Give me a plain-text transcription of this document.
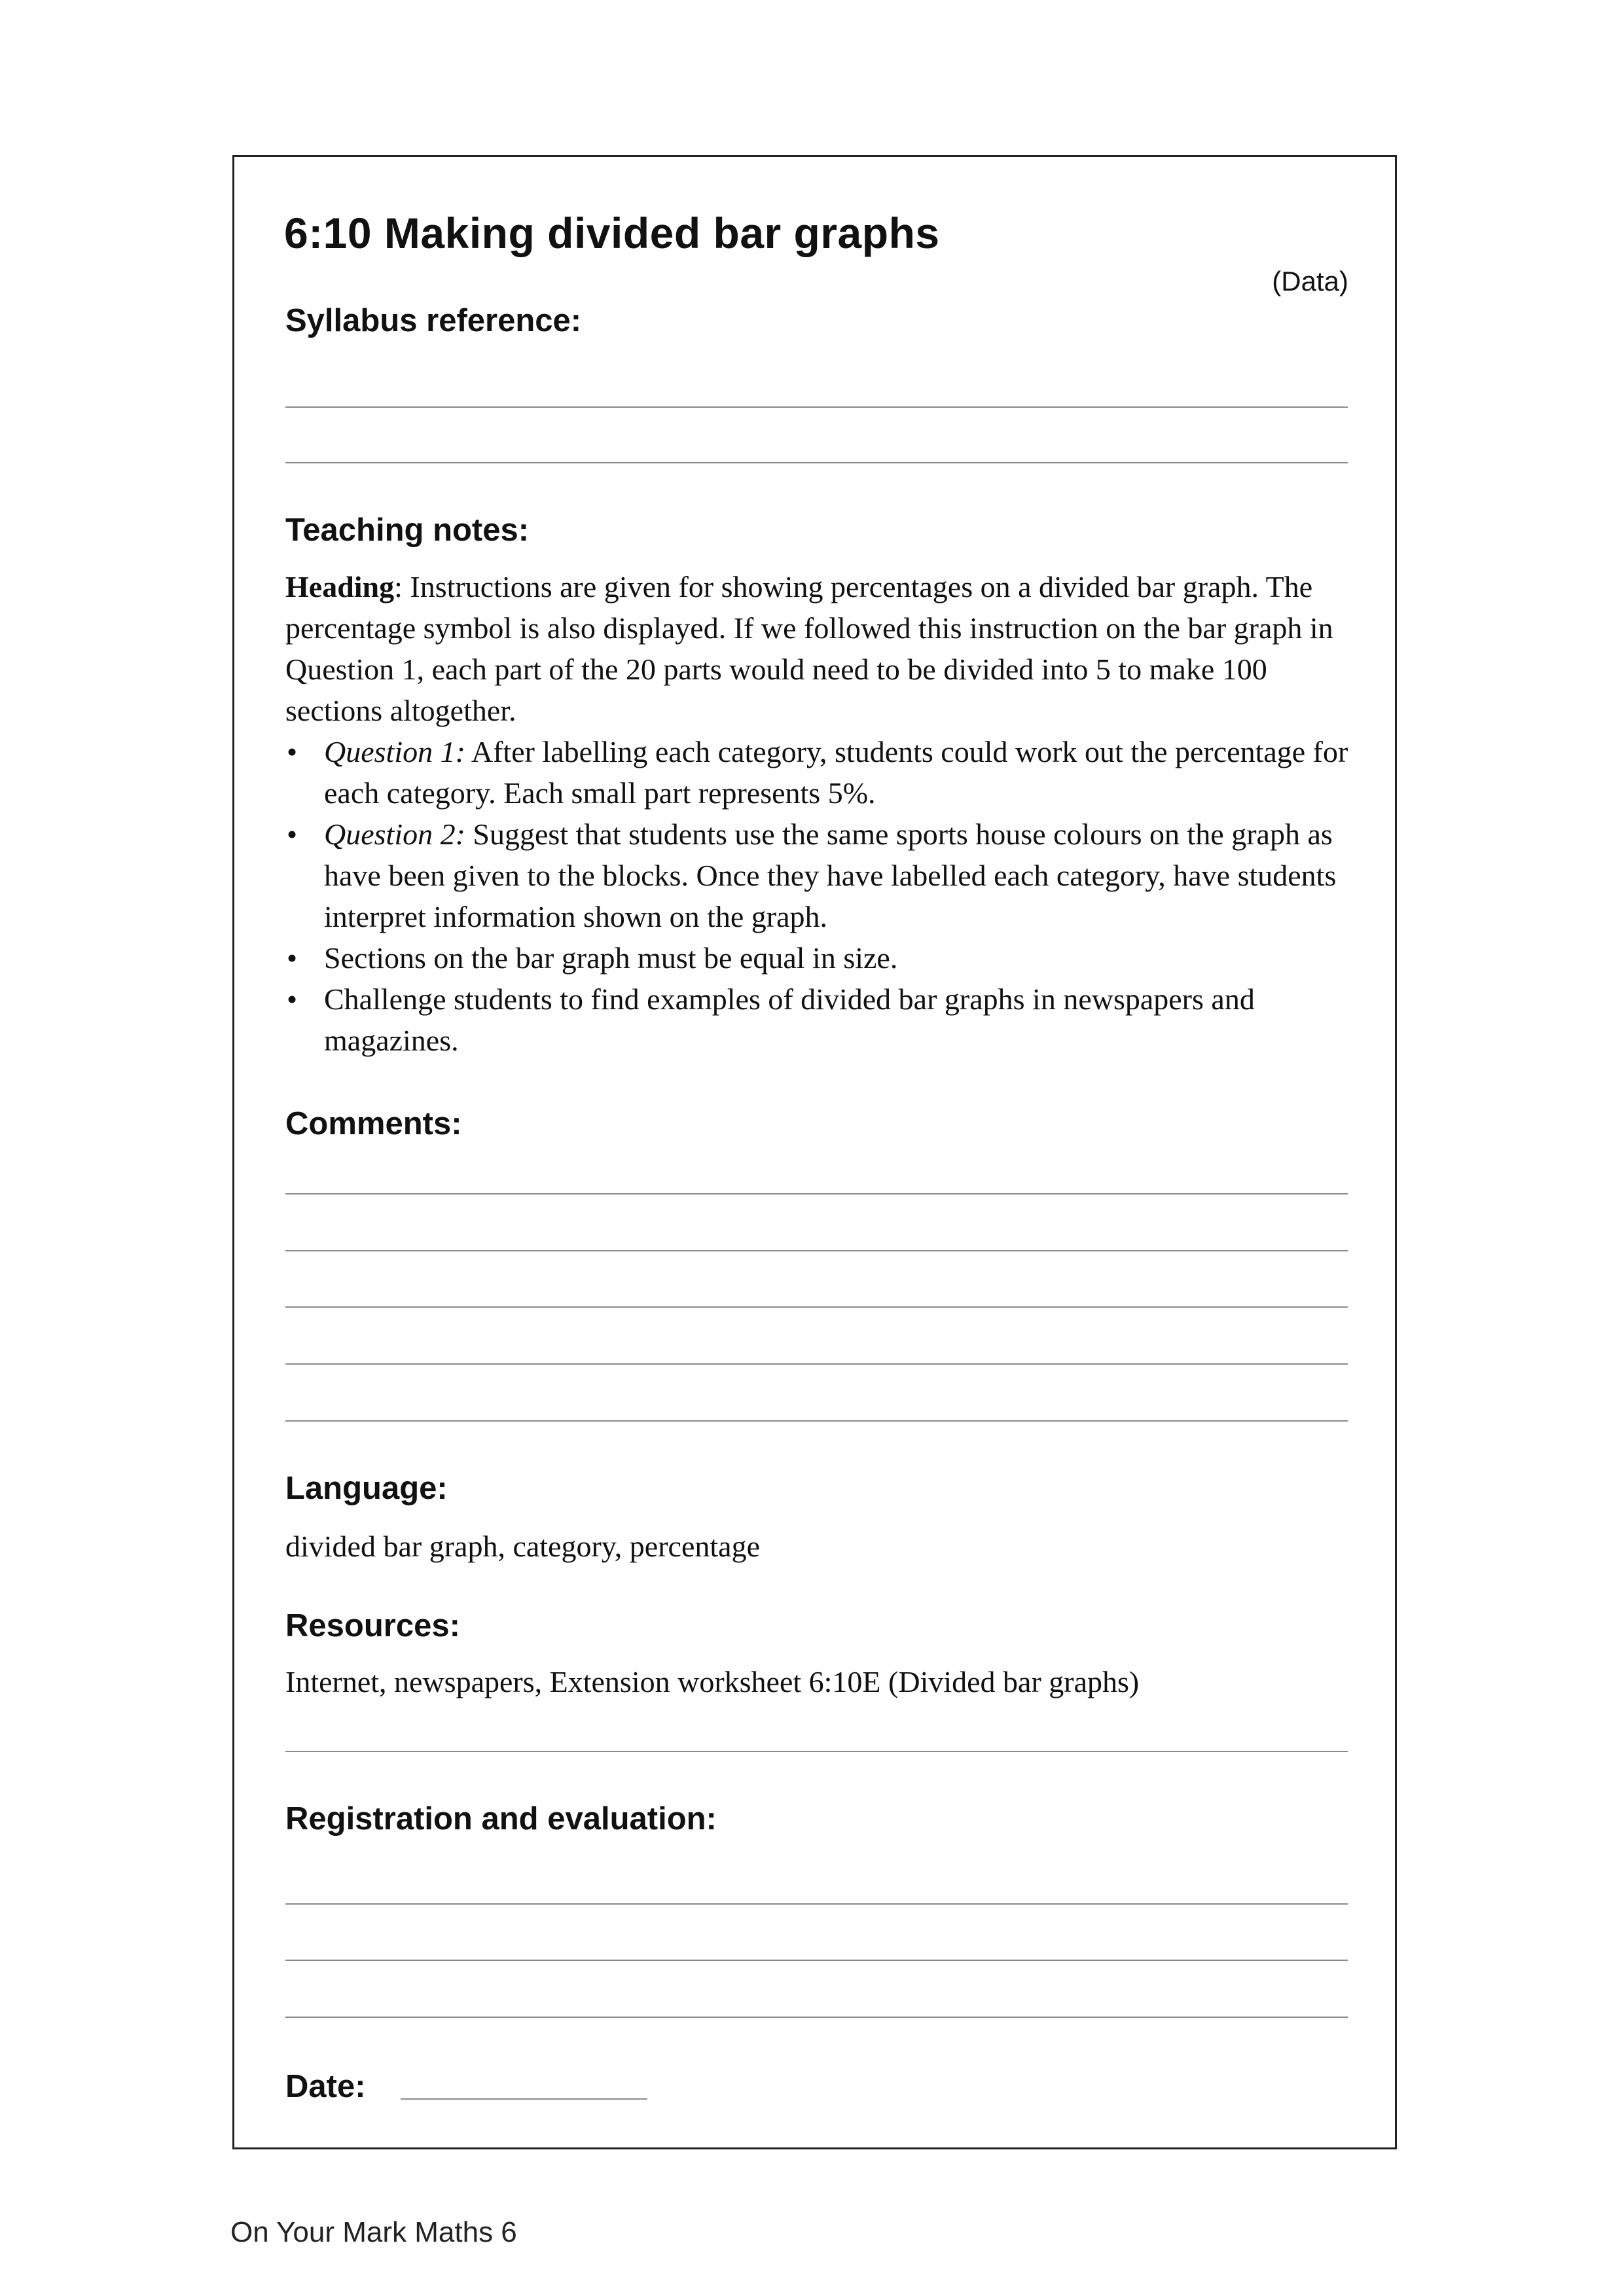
6:10 Making divided bar graphs
(Data)
Syllabus reference:
Teaching notes:

Heading: Instructions are given for showing percentages on a divided bar graph. The percentage symbol is also displayed. If we followed this instruction on the bar graph in Question 1, each part of the 20 parts would need to be divided into 5 to make 100 sections altogether.

• Question 1: After labelling each category, students could work out the percentage for each category. Each small part represents 5%.
• Question 2: Suggest that students use the same sports house colours on the graph as have been given to the blocks. Once they have labelled each category, have students interpret information shown on the graph.
• Sections on the bar graph must be equal in size.
• Challenge students to find examples of divided bar graphs in newspapers and magazines.
Comments:
Language:
divided bar graph, category, percentage
Resources:
Internet, newspapers, Extension worksheet 6:10E (Divided bar graphs)
Registration and evaluation:
Date:
On Your Mark Maths 6
